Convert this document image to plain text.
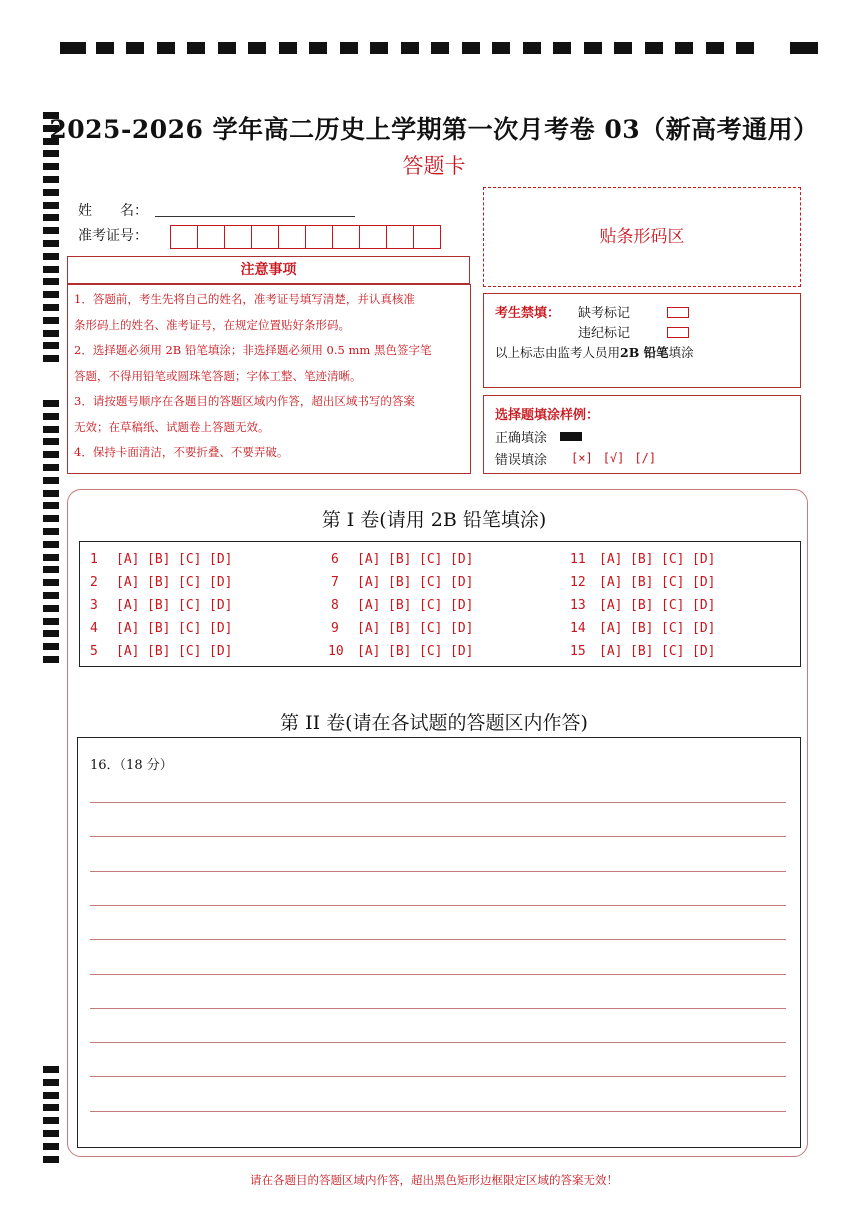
2025-2026 学年高二历史上学期第一次月考卷 03（新高考通用）
答题卡
姓　　名：
准考证号：	贴条形码区
注意事项
1．答题前，考生先将自己的姓名，准考证号填写清楚，并认真核准
条形码上的姓名、准考证号，在规定位置贴好条形码。
2．选择题必须用 2B 铅笔填涂；非选择题必须用 0.5 mm 黑色签字笔
答题，不得用铅笔或圆珠笔答题；字体工整、笔迹清晰。
3．请按题号顺序在各题目的答题区域内作答，超出区域书写的答案
无效；在草稿纸、试题卷上答题无效。
4．保持卡面清洁，不要折叠、不要弄破。
考生禁填： 缺考标记
违纪标记
以上标志由监考人员用2B 铅笔填涂
选择题填涂样例：
正确填涂
错误填涂 [×] [√] [/]
第 I 卷(请用 2B 铅笔填涂)
1 [A] [B] [C] [D]
2 [A] [B] [C] [D]
3 [A] [B] [C] [D]
4 [A] [B] [C] [D]
5 [A] [B] [C] [D]
6 [A] [B] [C] [D]
7 [A] [B] [C] [D]
8 [A] [B] [C] [D]
9 [A] [B] [C] [D]
10 [A] [B] [C] [D]
11 [A] [B] [C] [D]
12 [A] [B] [C] [D]
13 [A] [B] [C] [D]
14 [A] [B] [C] [D]
15 [A] [B] [C] [D]
第 II 卷(请在各试题的答题区内作答)
16．（18 分）
请在各题目的答题区域内作答，超出黑色矩形边框限定区域的答案无效！
